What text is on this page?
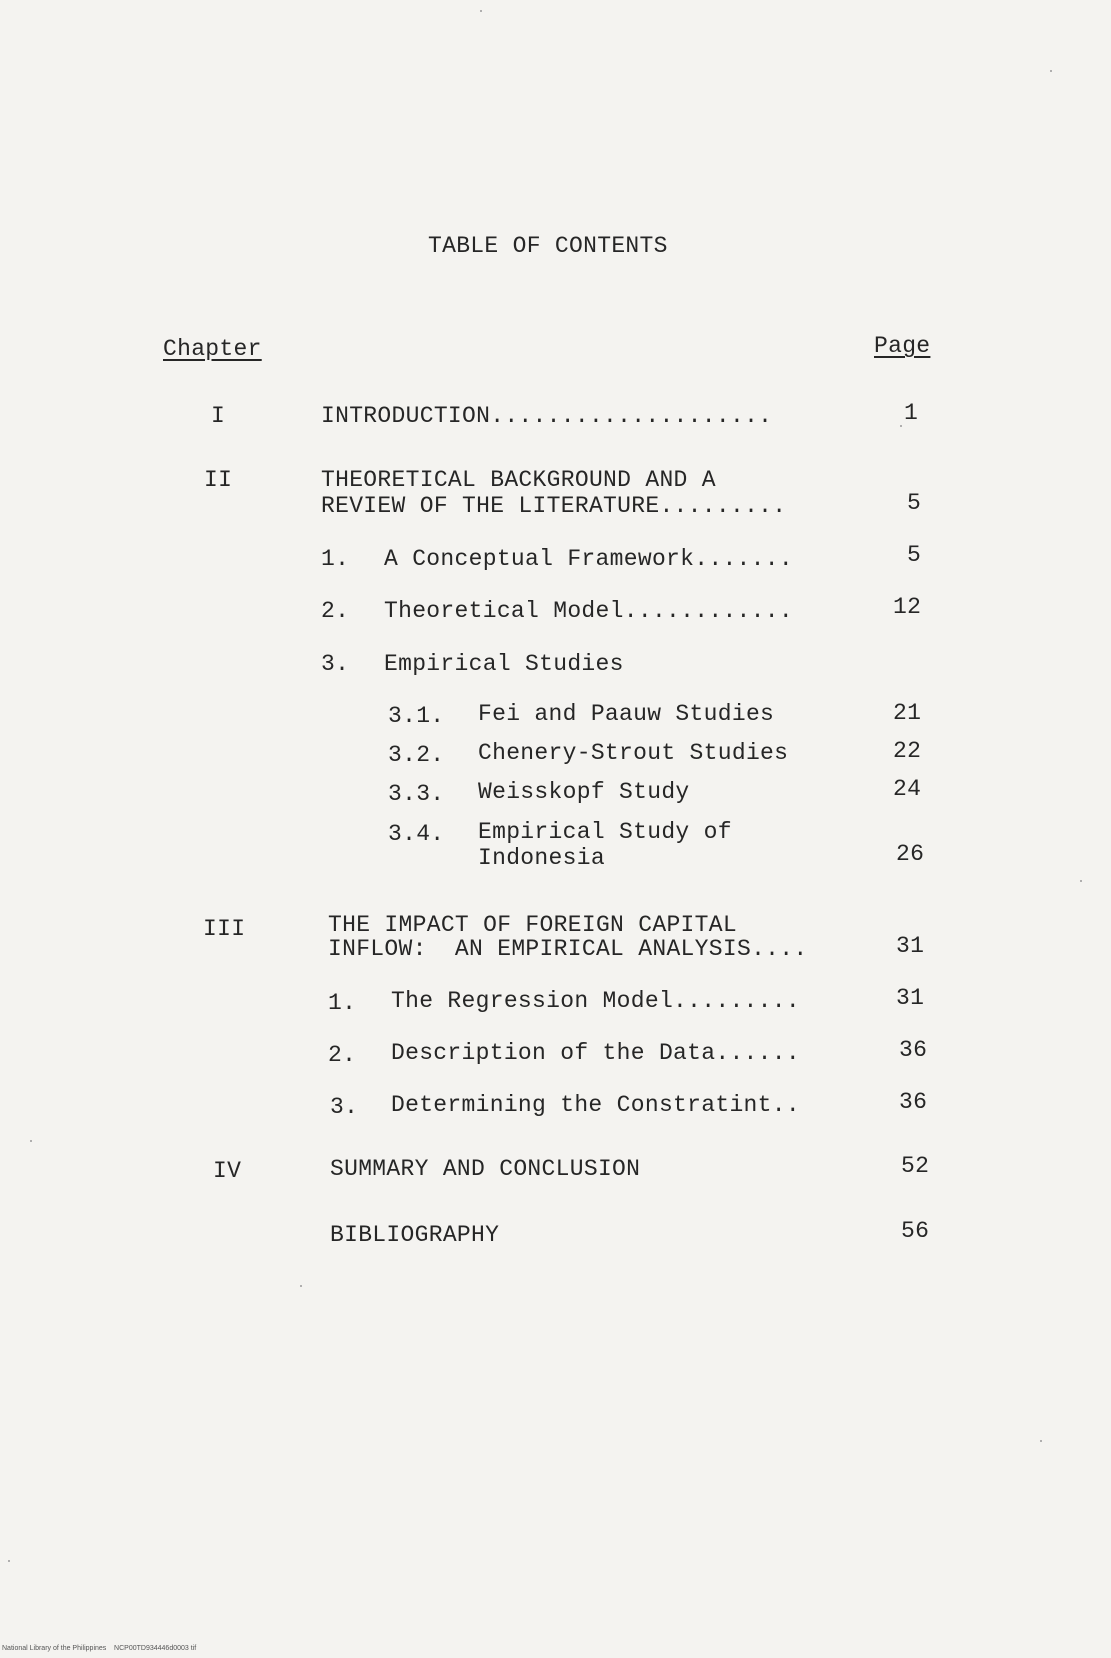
TABLE OF CONTENTS
Chapter	Page
I	INTRODUCTION....................	1
II	THEORETICAL BACKGROUND AND A
REVIEW OF THE LITERATURE.........	5
1. A Conceptual Framework.......	5
2. Theoretical Model............	12
3. Empirical Studies
3.1. Fei and Paauw Studies	21
3.2. Chenery-Strout Studies	22
3.3. Weisskopf Study	24
3.4. Empirical Study of
Indonesia	26
III	THE IMPACT OF FOREIGN CAPITAL
INFLOW:  AN EMPIRICAL ANALYSIS....	31
1. The Regression Model.........	31
2. Description of the Data......	36
3. Determining the Constratint..	36
IV	SUMMARY AND CONCLUSION	52
BIBLIOGRAPHY	56
National Library of the Philippines    NCP00TD934446d0003 tif
